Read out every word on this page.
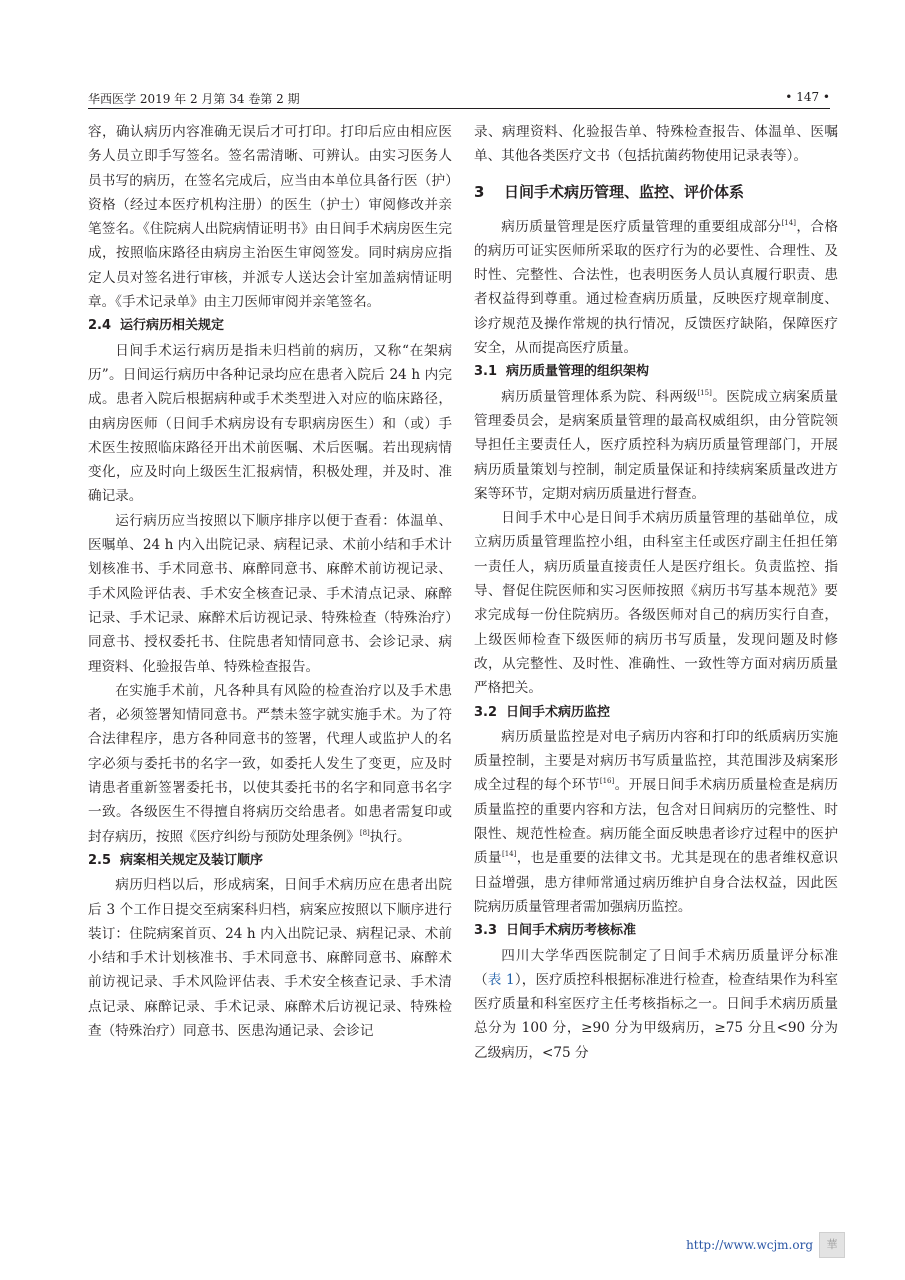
华西医学 2019 年 2 月第 34 卷第 2 期	• 147 •

容，确认病历内容准确无误后才可打印。打印后应由相应医务人员立即手写签名。签名需清晰、可辨认。由实习医务人员书写的病历，在签名完成后，应当由本单位具备行医（护）资格（经过本医疗机构注册）的医生（护士）审阅修改并亲笔签名。《住院病人出院病情证明书》由日间手术病房医生完成，按照临床路径由病房主治医生审阅签发。同时病房应指定人员对签名进行审核，并派专人送达会计室加盖病情证明章。《手术记录单》由主刀医师审阅并亲笔签名。

2.4 运行病历相关规定

日间手术运行病历是指未归档前的病历，又称“在架病历”。日间运行病历中各种记录均应在患者入院后 24 h 内完成。患者入院后根据病种或手术类型进入对应的临床路径，由病房医师（日间手术病房设有专职病房医生）和（或）手术医生按照临床路径开出术前医嘱、术后医嘱。若出现病情变化，应及时向上级医生汇报病情，积极处理，并及时、准确记录。

运行病历应当按照以下顺序排序以便于查看：体温单、医嘱单、24 h 内入出院记录、病程记录、术前小结和手术计划核准书、手术同意书、麻醉同意书、麻醉术前访视记录、手术风险评估表、手术安全核查记录、手术清点记录、麻醉记录、手术记录、麻醉术后访视记录、特殊检查（特殊治疗）同意书、授权委托书、住院患者知情同意书、会诊记录、病理资料、化验报告单、特殊检查报告。

在实施手术前，凡各种具有风险的检查治疗以及手术患者，必须签署知情同意书。严禁未签字就实施手术。为了符合法律程序，患方各种同意书的签署，代理人或监护人的名字必须与委托书的名字一致，如委托人发生了变更，应及时请患者重新签署委托书，以使其委托书的名字和同意书名字一致。各级医生不得擅自将病历交给患者。如患者需复印或封存病历，按照《医疗纠纷与预防处理条例》[8]执行。

2.5 病案相关规定及装订顺序

病历归档以后，形成病案，日间手术病历应在患者出院后 3 个工作日提交至病案科归档，病案应按照以下顺序进行装订：住院病案首页、24 h 内入出院记录、病程记录、术前小结和手术计划核准书、手术同意书、麻醉同意书、麻醉术前访视记录、手术风险评估表、手术安全核查记录、手术清点记录、麻醉记录、手术记录、麻醉术后访视记录、特殊检查（特殊治疗）同意书、医患沟通记录、会诊记

录、病理资料、化验报告单、特殊检查报告、体温单、医嘱单、其他各类医疗文书（包括抗菌药物使用记录表等）。

3 日间手术病历管理、监控、评价体系

病历质量管理是医疗质量管理的重要组成部分[14]，合格的病历可证实医师所采取的医疗行为的必要性、合理性、及时性、完整性、合法性，也表明医务人员认真履行职责、患者权益得到尊重。通过检查病历质量，反映医疗规章制度、诊疗规范及操作常规的执行情况，反馈医疗缺陷，保障医疗安全，从而提高医疗质量。

3.1 病历质量管理的组织架构

病历质量管理体系为院、科两级[15]。医院成立病案质量管理委员会，是病案质量管理的最高权威组织，由分管院领导担任主要责任人，医疗质控科为病历质量管理部门，开展病历质量策划与控制，制定质量保证和持续病案质量改进方案等环节，定期对病历质量进行督查。

日间手术中心是日间手术病历质量管理的基础单位，成立病历质量管理监控小组，由科室主任或医疗副主任担任第一责任人，病历质量直接责任人是医疗组长。负责监控、指导、督促住院医师和实习医师按照《病历书写基本规范》要求完成每一份住院病历。各级医师对自己的病历实行自查，上级医师检查下级医师的病历书写质量，发现问题及时修改，从完整性、及时性、准确性、一致性等方面对病历质量严格把关。

3.2 日间手术病历监控

病历质量监控是对电子病历内容和打印的纸质病历实施质量控制，主要是对病历书写质量监控，其范围涉及病案形成全过程的每个环节[16]。开展日间手术病历质量检查是病历质量监控的重要内容和方法，包含对日间病历的完整性、时限性、规范性检查。病历能全面反映患者诊疗过程中的医护质量[14]，也是重要的法律文书。尤其是现在的患者维权意识日益增强，患方律师常通过病历维护自身合法权益，因此医院病历质量管理者需加强病历监控。

3.3 日间手术病历考核标准

四川大学华西医院制定了日间手术病历质量评分标准（表 1），医疗质控科根据标准进行检查，检查结果作为科室医疗质量和科室医疗主任考核指标之一。日间手术病历质量总分为 100 分，≥90 分为甲级病历，≥75 分且<90 分为乙级病历，<75 分

http://www.wcjm.org	華
